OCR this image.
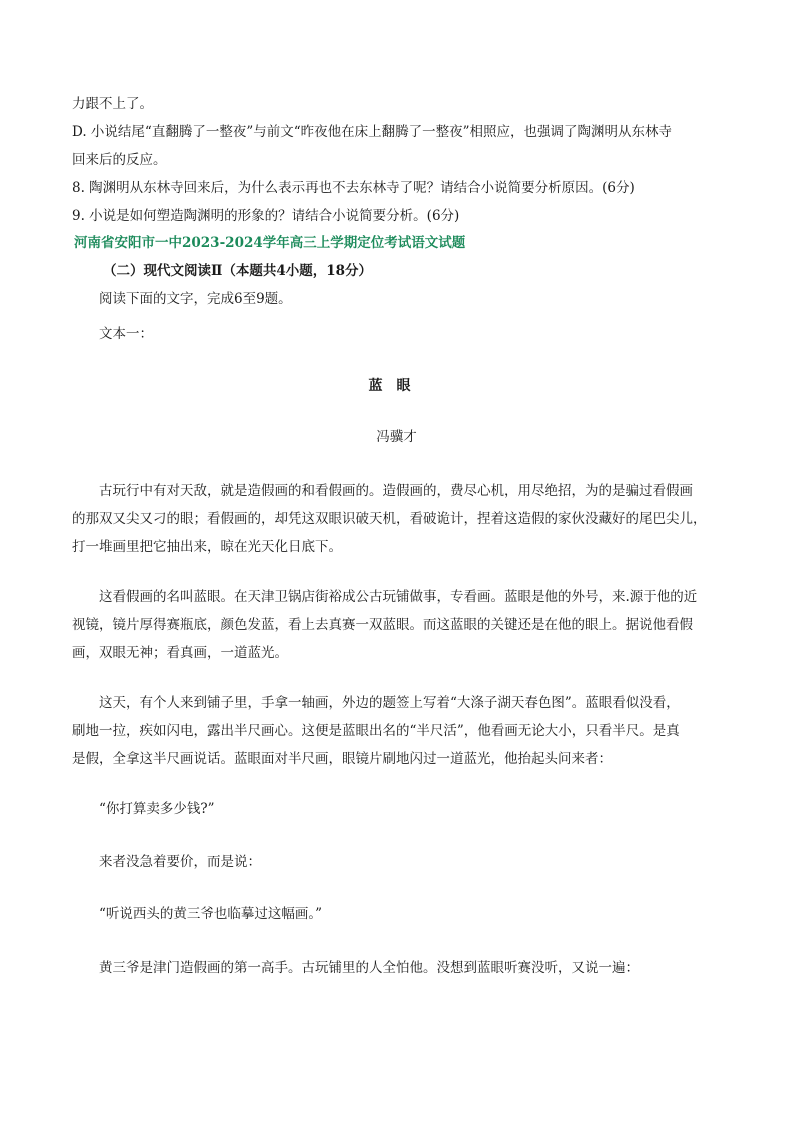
力跟不上了。
D. 小说结尾“直翻腾了一整夜”与前文“昨夜他在床上翻腾了一整夜”相照应，也强调了陶渊明从东林寺
回来后的反应。
8. 陶渊明从东林寺回来后，为什么表示再也不去东林寺了呢？请结合小说简要分析原因。(6分)
9. 小说是如何塑造陶渊明的形象的？请结合小说简要分析。(6分)
河南省安阳市一中2023-2024学年高三上学期定位考试语文试题
（二）现代文阅读Ⅱ（本题共4小题，18分）
阅读下面的文字，完成6至9题。
文本一：
蓝眼
冯骥才
古玩行中有对天敌，就是造假画的和看假画的。造假画的，费尽心机，用尽绝招，为的是骗过看假画
的那双又尖又刁的眼；看假画的，却凭这双眼识破天机，看破诡计，捏着这造假的家伙没藏好的尾巴尖儿，
打一堆画里把它抽出来，晾在光天化日底下。
这看假画的名叫蓝眼。在天津卫锅店街裕成公古玩铺做事，专看画。蓝眼是他的外号，来.源于他的近
视镜，镜片厚得赛瓶底，颜色发蓝，看上去真赛一双蓝眼。而这蓝眼的关键还是在他的眼上。据说他看假
画，双眼无神；看真画，一道蓝光。
这天，有个人来到铺子里，手拿一轴画，外边的题签上写着“大涤子湖天春色图”。蓝眼看似没看，
刷地一拉，疾如闪电，露出半尺画心。这便是蓝眼出名的“半尺活”，他看画无论大小，只看半尺。是真
是假，全拿这半尺画说话。蓝眼面对半尺画，眼镜片刷地闪过一道蓝光，他抬起头问来者：
“你打算卖多少钱?”
来者没急着要价，而是说：
“听说西头的黄三爷也临摹过这幅画。”
黄三爷是津门造假画的第一高手。古玩铺里的人全怕他。没想到蓝眼听赛没听，又说一遍：
